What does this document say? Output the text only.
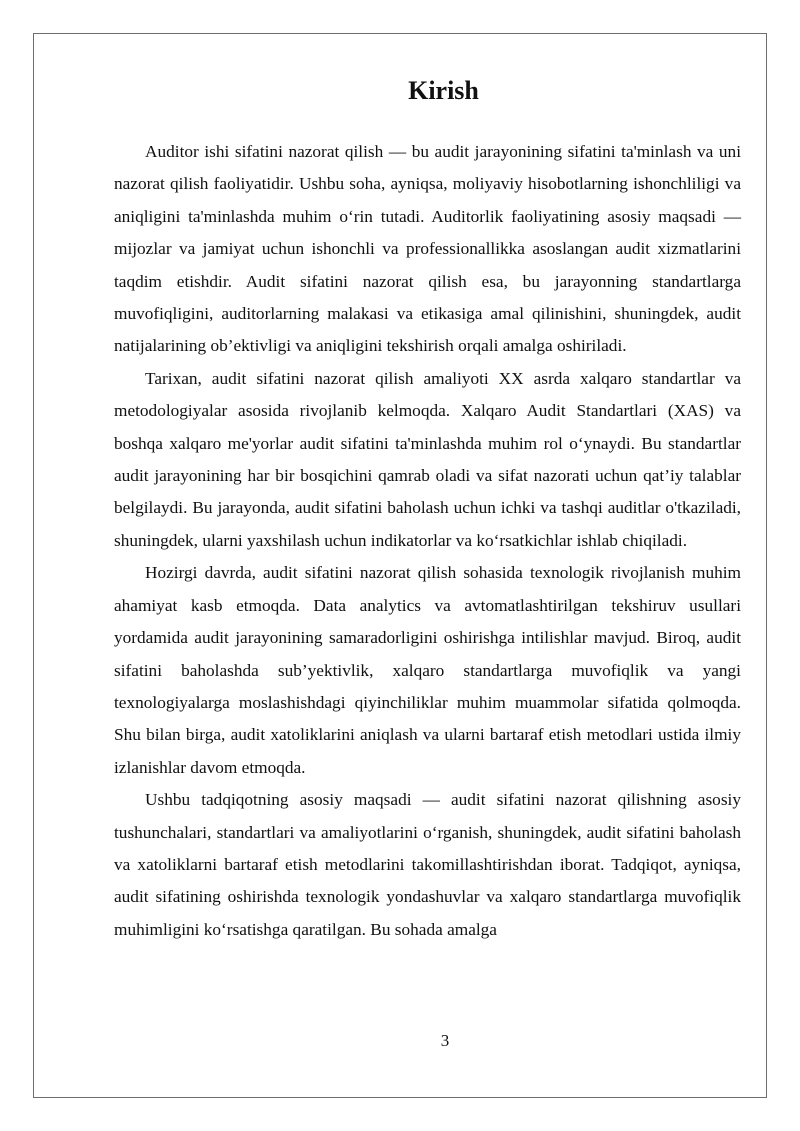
Kirish

Auditor ishi sifatini nazorat qilish — bu audit jarayonining sifatini ta'minlash va uni nazorat qilish faoliyatidir. Ushbu soha, ayniqsa, moliyaviy hisobotlarning ishonchliligi va aniqligini ta'minlashda muhim o‘rin tutadi. Auditorlik faoliyatining asosiy maqsadi — mijozlar va jamiyat uchun ishonchli va professionallikka asoslangan audit xizmatlarini taqdim etishdir. Audit sifatini nazorat qilish esa, bu jarayonning standartlarga muvofiqligini, auditorlarning malakasi va etikasiga amal qilinishini, shuningdek, audit natijalarining ob’ektivligi va aniqligini tekshirish orqali amalga oshiriladi.

Tarixan, audit sifatini nazorat qilish amaliyoti XX asrda xalqaro standartlar va metodologiyalar asosida rivojlanib kelmoqda. Xalqaro Audit Standartlari (XAS) va boshqa xalqaro me'yorlar audit sifatini ta'minlashda muhim rol o‘ynaydi. Bu standartlar audit jarayonining har bir bosqichini qamrab oladi va sifat nazorati uchun qat’iy talablar belgilaydi. Bu jarayonda, audit sifatini baholash uchun ichki va tashqi auditlar o'tkaziladi, shuningdek, ularni yaxshilash uchun indikatorlar va ko‘rsatkichlar ishlab chiqiladi.

Hozirgi davrda, audit sifatini nazorat qilish sohasida texnologik rivojlanish muhim ahamiyat kasb etmoqda. Data analytics va avtomatlashtirilgan tekshiruv usullari yordamida audit jarayonining samaradorligini oshirishga intilishlar mavjud. Biroq, audit sifatini baholashda sub’yektivlik, xalqaro standartlarga muvofiqlik va yangi texnologiyalarga moslashishdagi qiyinchiliklar muhim muammolar sifatida qolmoqda. Shu bilan birga, audit xatoliklarini aniqlash va ularni bartaraf etish metodlari ustida ilmiy izlanishlar davom etmoqda.

Ushbu tadqiqotning asosiy maqsadi — audit sifatini nazorat qilishning asosiy tushunchalari, standartlari va amaliyotlarini o‘rganish, shuningdek, audit sifatini baholash va xatoliklarni bartaraf etish metodlarini takomillashtirishdan iborat. Tadqiqot, ayniqsa, audit sifatining oshirishda texnologik yondashuvlar va xalqaro standartlarga muvofiqlik muhimligini ko‘rsatishga qaratilgan. Bu sohada amalga

3
